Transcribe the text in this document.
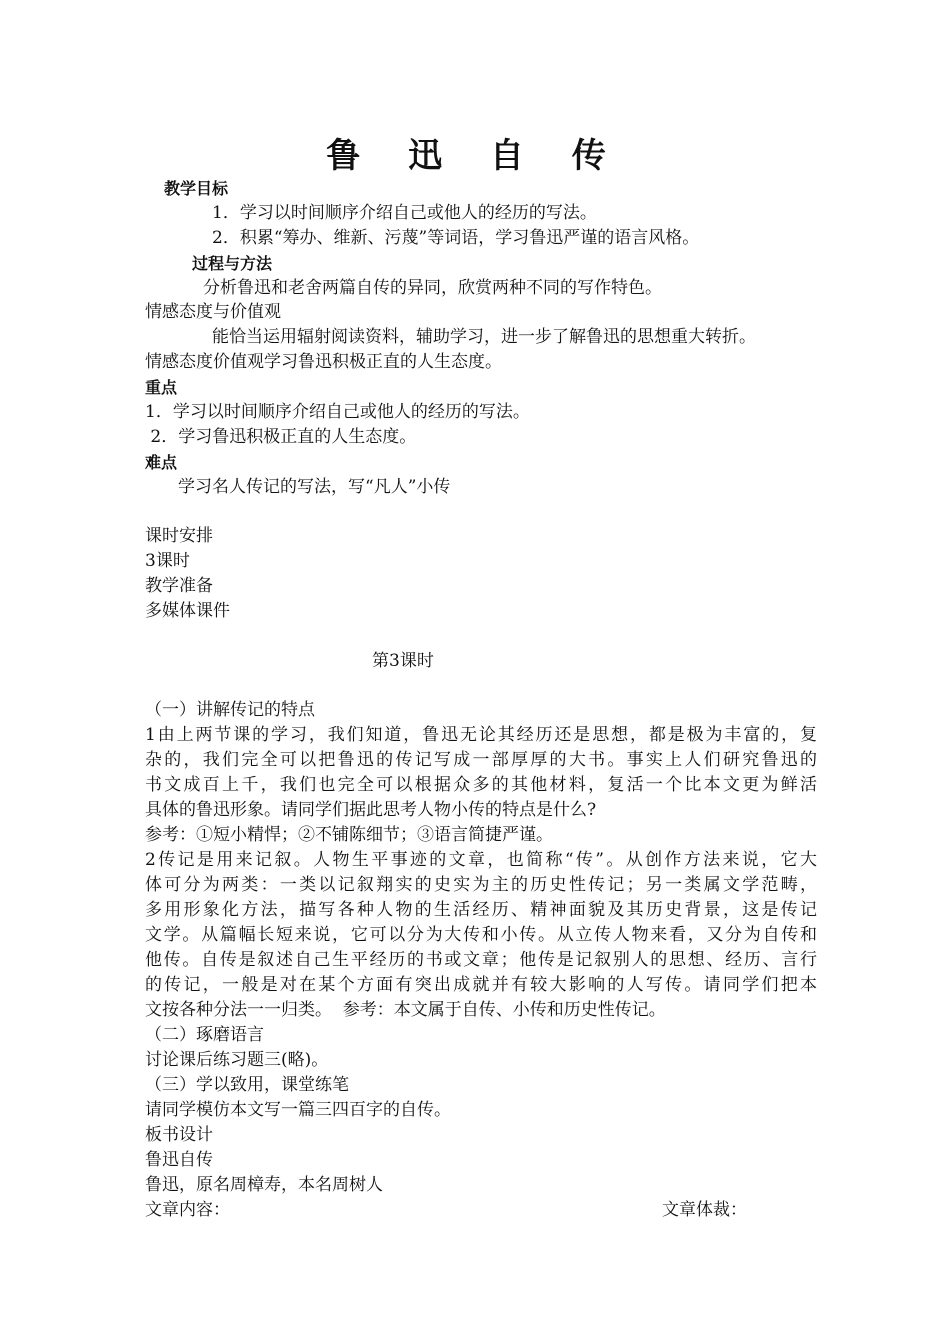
鲁 迅 自 传
教学目标
1．学习以时间顺序介绍自己或他人的经历的写法。
2．积累“筹办、维新、污蔑”等词语，学习鲁迅严谨的语言风格。
过程与方法
分析鲁迅和老舍两篇自传的异同，欣赏两种不同的写作特色。
情感态度与价值观
能恰当运用辐射阅读资料，辅助学习，进一步了解鲁迅的思想重大转折。
情感态度价值观学习鲁迅积极正直的人生态度。
重点
1．学习以时间顺序介绍自己或他人的经历的写法。
2．学习鲁迅积极正直的人生态度。
难点
学习名人传记的写法，写“凡人”小传
课时安排
3课时
教学准备
多媒体课件
第3课时
（一）讲解传记的特点
1由上两节课的学习，我们知道，鲁迅无论其经历还是思想，都是极为丰富的，复
杂的，我们完全可以把鲁迅的传记写成一部厚厚的大书。事实上人们研究鲁迅的
书文成百上千，我们也完全可以根据众多的其他材料，复活一个比本文更为鲜活
具体的鲁迅形象。请同学们据此思考人物小传的特点是什么?
参考：①短小精悍；②不铺陈细节；③语言简捷严谨。
2传记是用来记叙。人物生平事迹的文章，也简称“传”。从创作方法来说，它大
体可分为两类：一类以记叙翔实的史实为主的历史性传记；另一类属文学范畴，
多用形象化方法，描写各种人物的生活经历、精神面貌及其历史背景，这是传记
文学。从篇幅长短来说，它可以分为大传和小传。从立传人物来看，又分为自传和
他传。自传是叙述自己生平经历的书或文章；他传是记叙别人的思想、经历、言行
的传记，一般是对在某个方面有突出成就并有较大影响的人写传。请同学们把本
文按各种分法一一归类。  参考：本文属于自传、小传和历史性传记。
（二）琢磨语言
讨论课后练习题三(略)。
（三）学以致用，课堂练笔
请同学模仿本文写一篇三四百字的自传。
板书设计
鲁迅自传
鲁迅，原名周樟寿，本名周树人
文章内容：	文章体裁：
